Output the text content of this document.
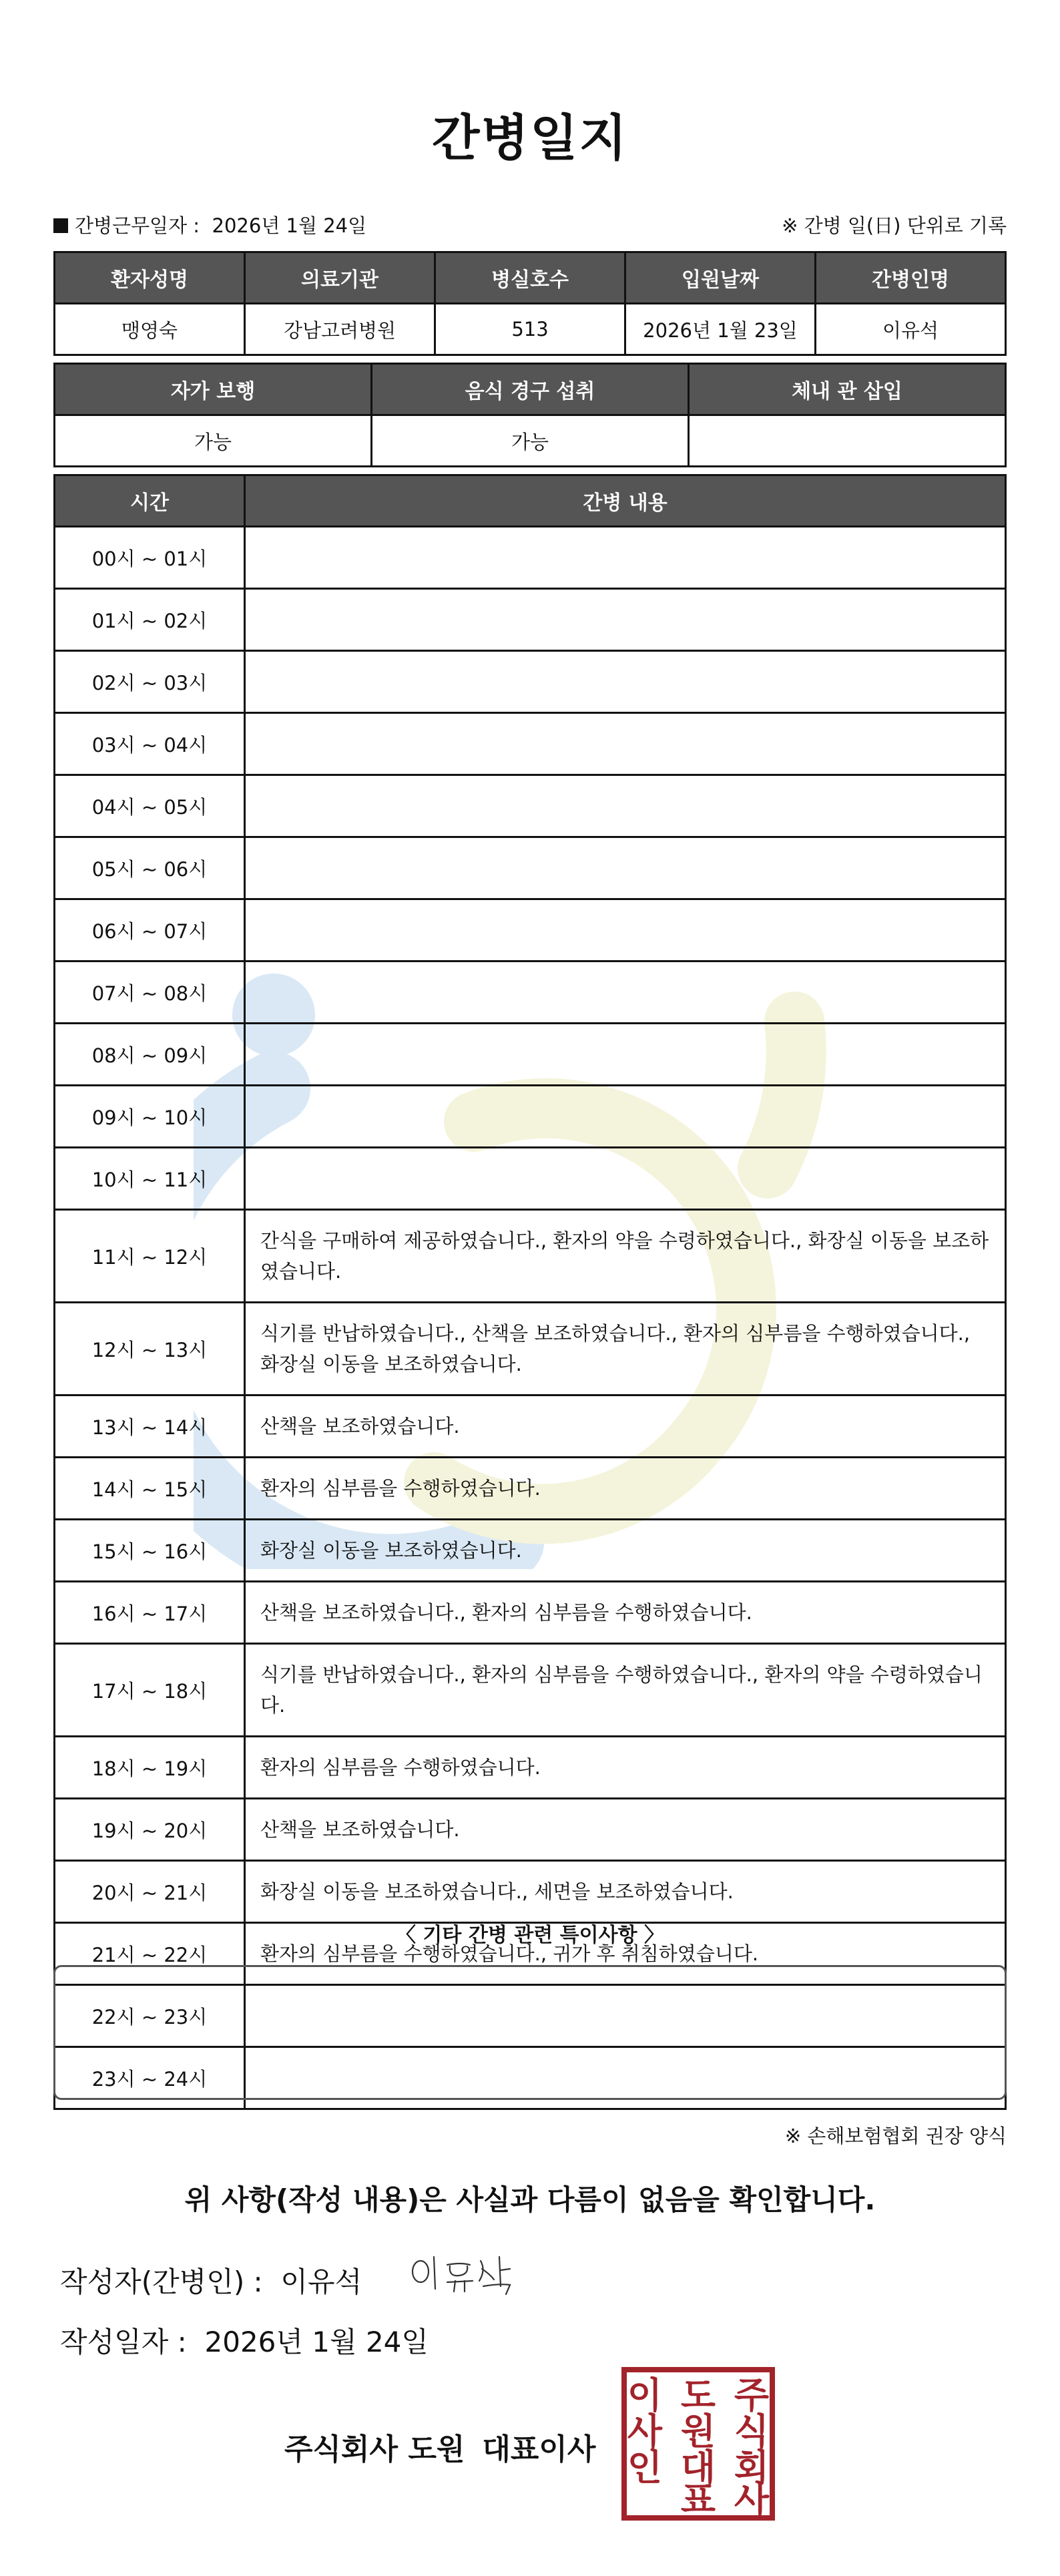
간병일지
간병근무일자 : 2026년 1월 24일	※ 간병 일(日) 단위로 기록
환자성명	의료기관	병실호수	입원날짜	간병인명
맹영숙	강남고려병원	513	2026년 1월 23일	이유석
자가 보행	음식 경구 섭취	체내 관 삽입
가능	가능	
시간	간병 내용
00시 ~ 01시	
01시 ~ 02시	
02시 ~ 03시	
03시 ~ 04시	
04시 ~ 05시	
05시 ~ 06시	
06시 ~ 07시	
07시 ~ 08시	
08시 ~ 09시	
09시 ~ 10시	
10시 ~ 11시	
11시 ~ 12시	간식을 구매하여 제공하였습니다., 환자의 약을 수령하였습니다., 화장실 이동을 보조하였습니다.
12시 ~ 13시	식기를 반납하였습니다., 산책을 보조하였습니다., 환자의 심부름을 수행하였습니다., 화장실 이동을 보조하였습니다.
13시 ~ 14시	산책을 보조하였습니다.
14시 ~ 15시	환자의 심부름을 수행하였습니다.
15시 ~ 16시	화장실 이동을 보조하였습니다.
16시 ~ 17시	산책을 보조하였습니다., 환자의 심부름을 수행하였습니다.
17시 ~ 18시	식기를 반납하였습니다., 환자의 심부름을 수행하였습니다., 환자의 약을 수령하였습니다.
18시 ~ 19시	환자의 심부름을 수행하였습니다.
19시 ~ 20시	산책을 보조하였습니다.
20시 ~ 21시	화장실 이동을 보조하였습니다., 세면을 보조하였습니다.
21시 ~ 22시	환자의 심부름을 수행하였습니다., 귀가 후 취침하였습니다.
22시 ~ 23시	
23시 ~ 24시	
〈 기타 간병 관련 특이사항 〉
※ 손해보험협회 권장 양식
위 사항(작성 내용)은 사실과 다름이 없음을 확인합니다.
작성자(간병인) : 이유석
작성일자 : 2026년 1월 24일
주식회사 도원 대표이사
주
식
회
사
도
원
대
표
이
사
인
